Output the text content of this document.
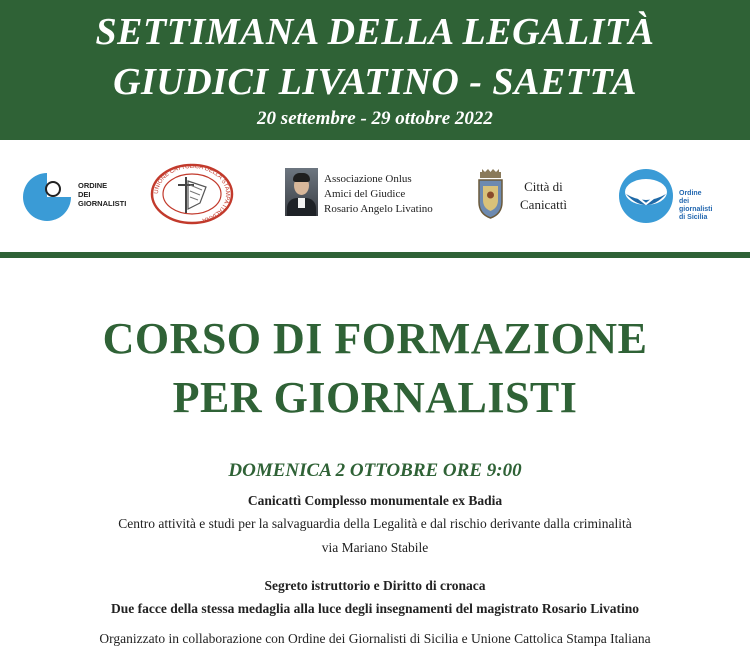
SETTIMANA DELLA LEGALITÀ
GIUDICI LIVATINO - SAETTA
20 settembre - 29 ottobre 2022
ORDINE
DEI
GIORNALISTI
UNIONE CATTOLICA DELLA STAMPA ITALIANA
Associazione Onlus
Amici del Giudice
Rosario Angelo Livatino
Città di
Canicattì
Ordine
dei
giornalisti
di Sicilia
CORSO DI FORMAZIONE
PER GIORNALISTI
DOMENICA 2 OTTOBRE ORE 9:00
Canicattì Complesso monumentale ex Badia
Centro attività e studi per la salvaguardia della Legalità e dal rischio derivante dalla criminalità
via Mariano Stabile
Segreto istruttorio e Diritto di cronaca
Due facce della stessa medaglia alla luce degli insegnamenti del magistrato Rosario Livatino
Organizzato in collaborazione con Ordine dei Giornalisti di Sicilia e Unione Cattolica Stampa Italiana
